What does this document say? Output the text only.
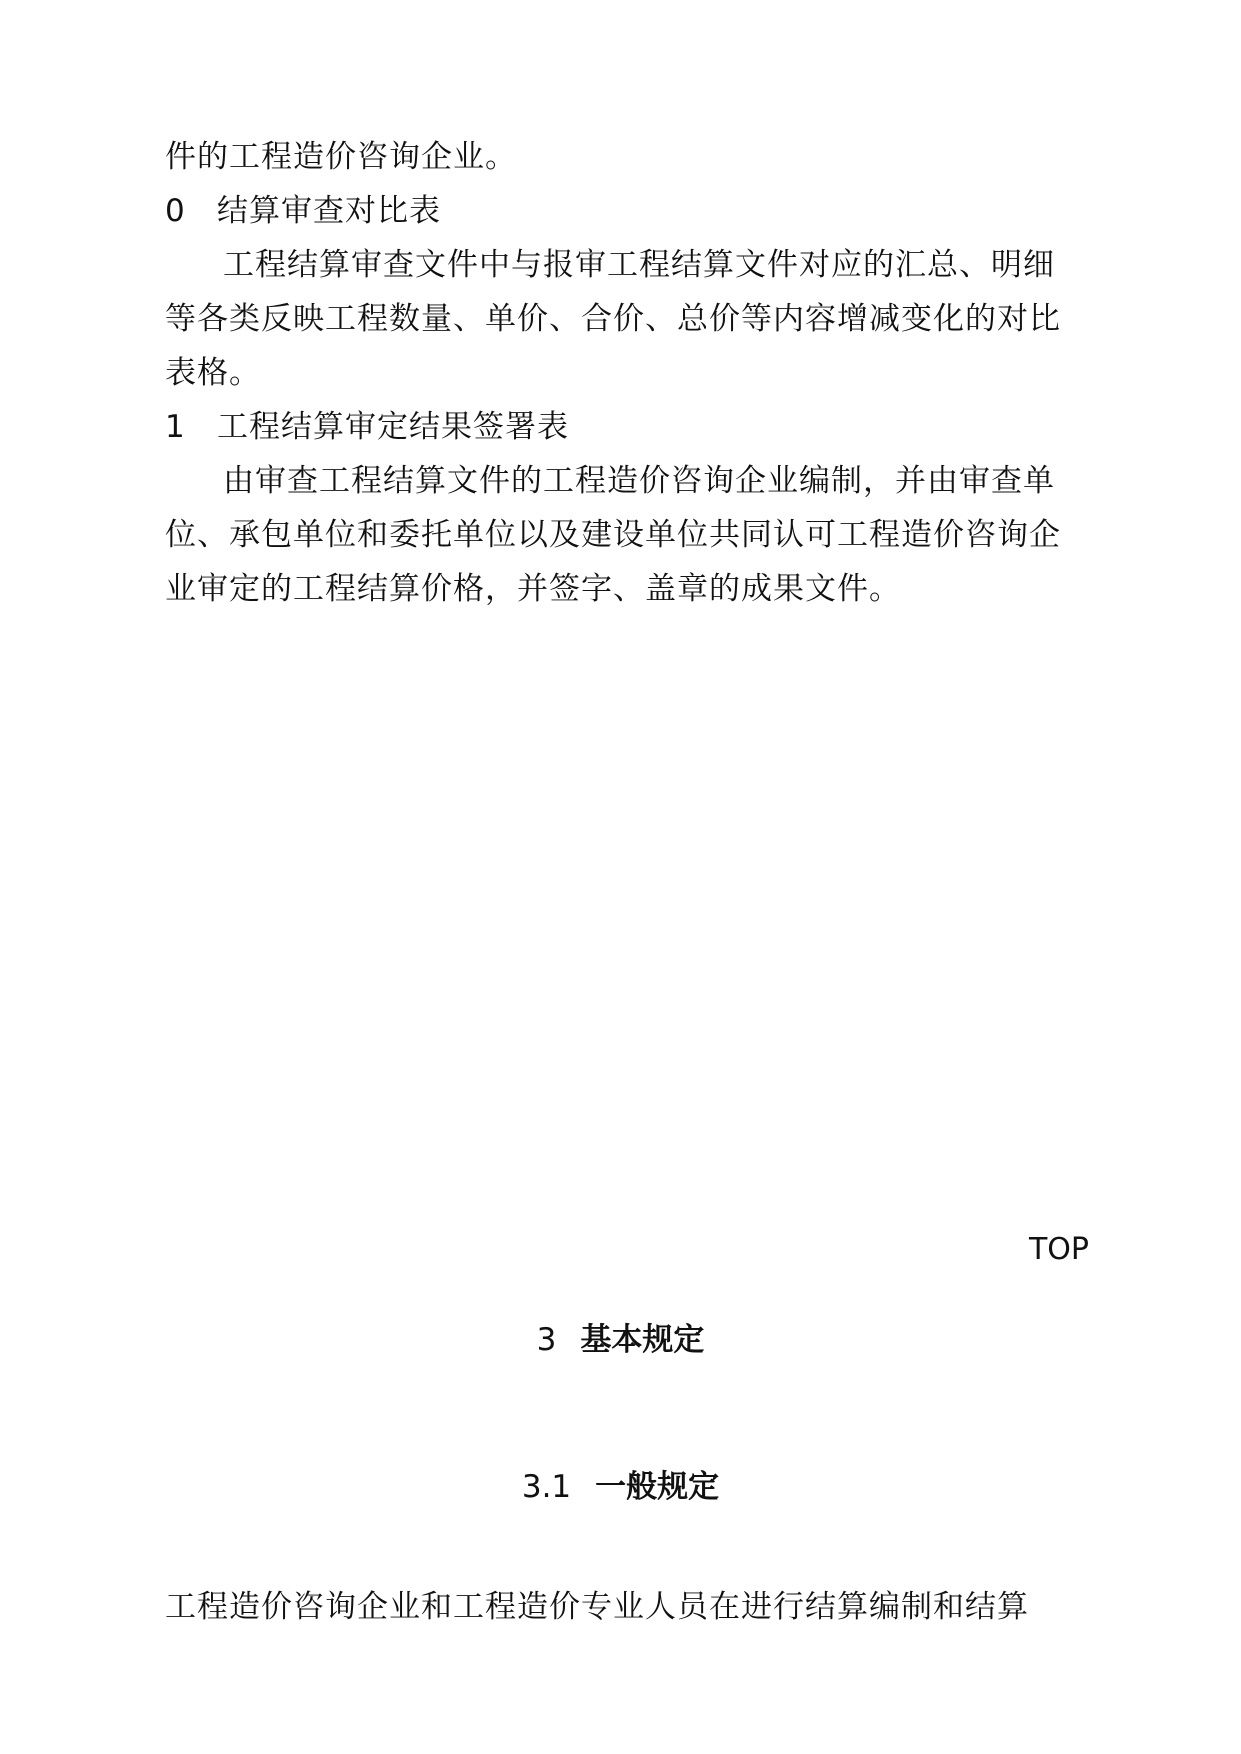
件的工程造价咨询企业。
0 结算审查对比表
工程结算审查文件中与报审工程结算文件对应的汇总、明细
等各类反映工程数量、单价、合价、总价等内容增减变化的对比
表格。
1 工程结算审定结果签署表
由审查工程结算文件的工程造价咨询企业编制，并由审查单
位、承包单位和委托单位以及建设单位共同认可工程造价咨询企
业审定的工程结算价格，并签字、盖章的成果文件。
TOP
3 基本规定
3.1 一般规定
工程造价咨询企业和工程造价专业人员在进行结算编制和结算
